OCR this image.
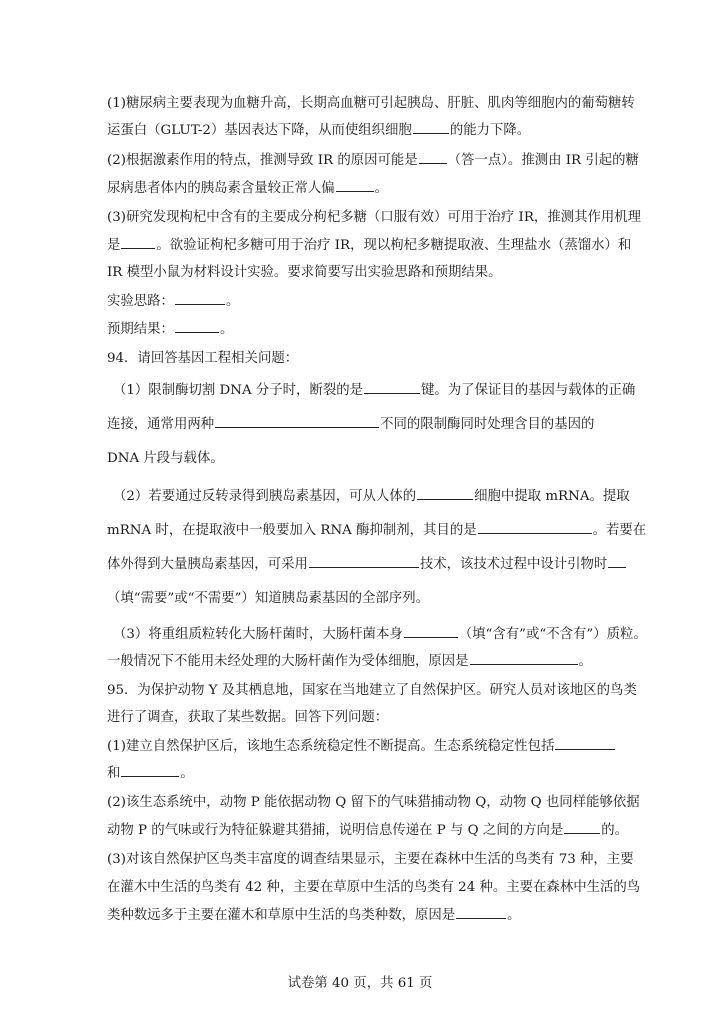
(1)糖尿病主要表现为血糖升高，长期高血糖可引起胰岛、肝脏、肌肉等细胞内的葡萄糖转
运蛋白（GLUT-2）基因表达下降，从而使组织细胞	的能力下降。
(2)根据激素作用的特点，推测导致 IR 的原因可能是 （答一点）。推测由 IR 引起的糖
尿病患者体内的胰岛素含量较正常人偏	。
(3)研究发现枸杞中含有的主要成分枸杞多糖（口服有效）可用于治疗 IR，推测其作用机理
是	。欲验证枸杞多糖可用于治疗 IR，现以枸杞多糖提取液、生理盐水（蒸馏水）和
IR 模型小鼠为材料设计实验。要求简要写出实验思路和预期结果。
实验思路：	。
预期结果：	。
94．请回答基因工程相关问题：
（1）限制酶切割 DNA 分子时，断裂的是	键。为了保证目的基因与载体的正确
连接，通常用两种	不同的限制酶同时处理含目的基因的
DNA 片段与载体。
（2）若要通过反转录得到胰岛素基因，可从人体的	细胞中提取 mRNA。提取
mRNA 时，在提取液中一般要加入 RNA 酶抑制剂，其目的是	。若要在
体外得到大量胰岛素基因，可采用	技术，该技术过程中设计引物时
（填“需要”或“不需要”）知道胰岛素基因的全部序列。
（3）将重组质粒转化大肠杆菌时，大肠杆菌本身	（填“含有”或“不含有”）质粒。
一般情况下不能用未经处理的大肠杆菌作为受体细胞，原因是	。
95．为保护动物 Y 及其栖息地，国家在当地建立了自然保护区。研究人员对该地区的鸟类
进行了调查，获取了某些数据。回答下列问题：
(1)建立自然保护区后，该地生态系统稳定性不断提高。生态系统稳定性包括
和	。
(2)该生态系统中，动物 P 能依据动物 Q 留下的气味猎捕动物 Q，动物 Q 也同样能够依据
动物 P 的气味或行为特征躲避其猎捕，说明信息传递在 P 与 Q 之间的方向是	的。
(3)对该自然保护区鸟类丰富度的调查结果显示，主要在森林中生活的鸟类有 73 种，主要
在灌木中生活的鸟类有 42 种，主要在草原中生活的鸟类有 24 种。主要在森林中生活的鸟
类种数远多于主要在灌木和草原中生活的鸟类种数，原因是	。
试卷第 40 页，共 61 页
